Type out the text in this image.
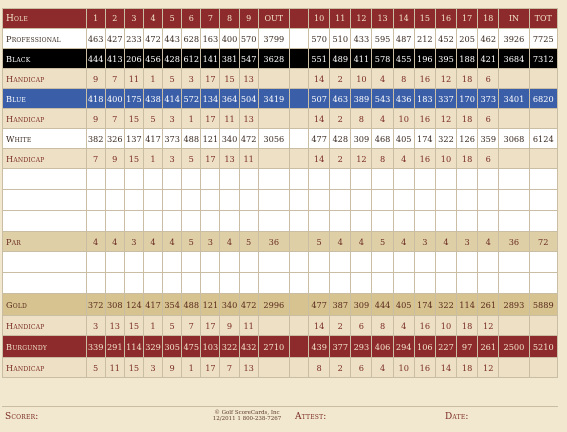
Hole	1	2	3	4	5	6	7	8	9	OUT		10	11	12	13	14	15	16	17	18	IN	TOT
Professional	463	427	233	472	443	628	163	400	570	3799		570	510	433	595	487	212	452	205	462	3926	7725
Black	444	413	206	456	428	612	141	381	547	3628		551	489	411	578	455	196	395	188	421	3684	7312
Handicap	9	7	11	1	5	3	17	15	13			14	2	10	4	8	16	12	18	6		
Blue	418	400	175	438	414	572	134	364	504	3419		507	463	389	543	436	183	337	170	373	3401	6820
Handicap	9	7	15	5	3	1	17	11	13			14	2	8	4	10	16	12	18	6		
White	382	326	137	417	373	488	121	340	472	3056		477	428	309	468	405	174	322	126	359	3068	6124
Handicap	7	9	15	1	3	5	17	13	11			14	2	12	8	4	16	10	18	6		

Par	4	4	3	4	4	5	3	4	5	36		5	4	4	5	4	3	4	3	4	36	72

Gold	372	308	124	417	354	488	121	340	472	2996		477	387	309	444	405	174	322	114	261	2893	5889
Handicap	3	13	15	1	5	7	17	9	11			14	2	6	8	4	16	10	18	12		
Burgundy	339	291	114	329	305	475	103	322	432	2710		439	377	293	406	294	106	227	97	261	2500	5210
Handicap	5	11	15	3	9	1	17	7	13			8	2	6	4	10	16	14	18	12		
Scorer:	© Golf ScoreCards, Inc
12/2011 1 800-238-7267	Attest:	Date:
